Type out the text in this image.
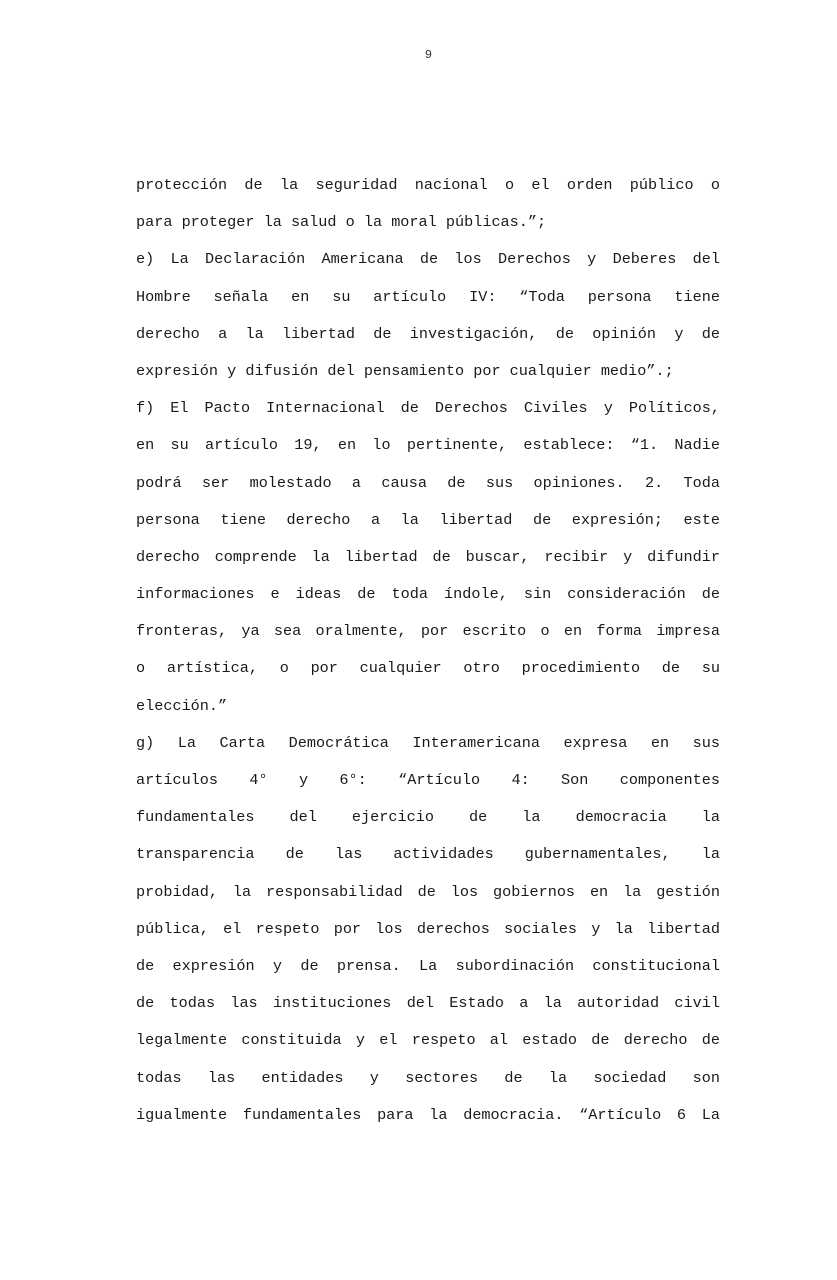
9
protección de la seguridad nacional o el orden público o
para proteger la salud o la moral públicas.”;
e) La Declaración Americana de los Derechos y Deberes del
Hombre señala en su artículo IV: “Toda persona tiene
derecho a la libertad de investigación, de opinión y de
expresión y difusión del pensamiento por cualquier medio”.;
f) El Pacto Internacional de Derechos Civiles y Políticos,
en su artículo 19, en lo pertinente, establece: “1. Nadie
podrá ser molestado a causa de sus opiniones. 2. Toda
persona tiene derecho a la libertad de expresión; este
derecho comprende la libertad de buscar, recibir y difundir
informaciones e ideas de toda índole, sin consideración de
fronteras, ya sea oralmente, por escrito o en forma impresa
o artística, o por cualquier otro procedimiento de su
elección.”
g) La Carta Democrática Interamericana expresa en sus
artículos 4° y 6°: “Artículo 4: Son componentes
fundamentales del ejercicio de la democracia la
transparencia de las actividades gubernamentales, la
probidad, la responsabilidad de los gobiernos en la gestión
pública, el respeto por los derechos sociales y la libertad
de expresión y de prensa. La subordinación constitucional
de todas las instituciones del Estado a la autoridad civil
legalmente constituida y el respeto al estado de derecho de
todas las entidades y sectores de la sociedad son
igualmente fundamentales para la democracia. “Artículo 6 La
